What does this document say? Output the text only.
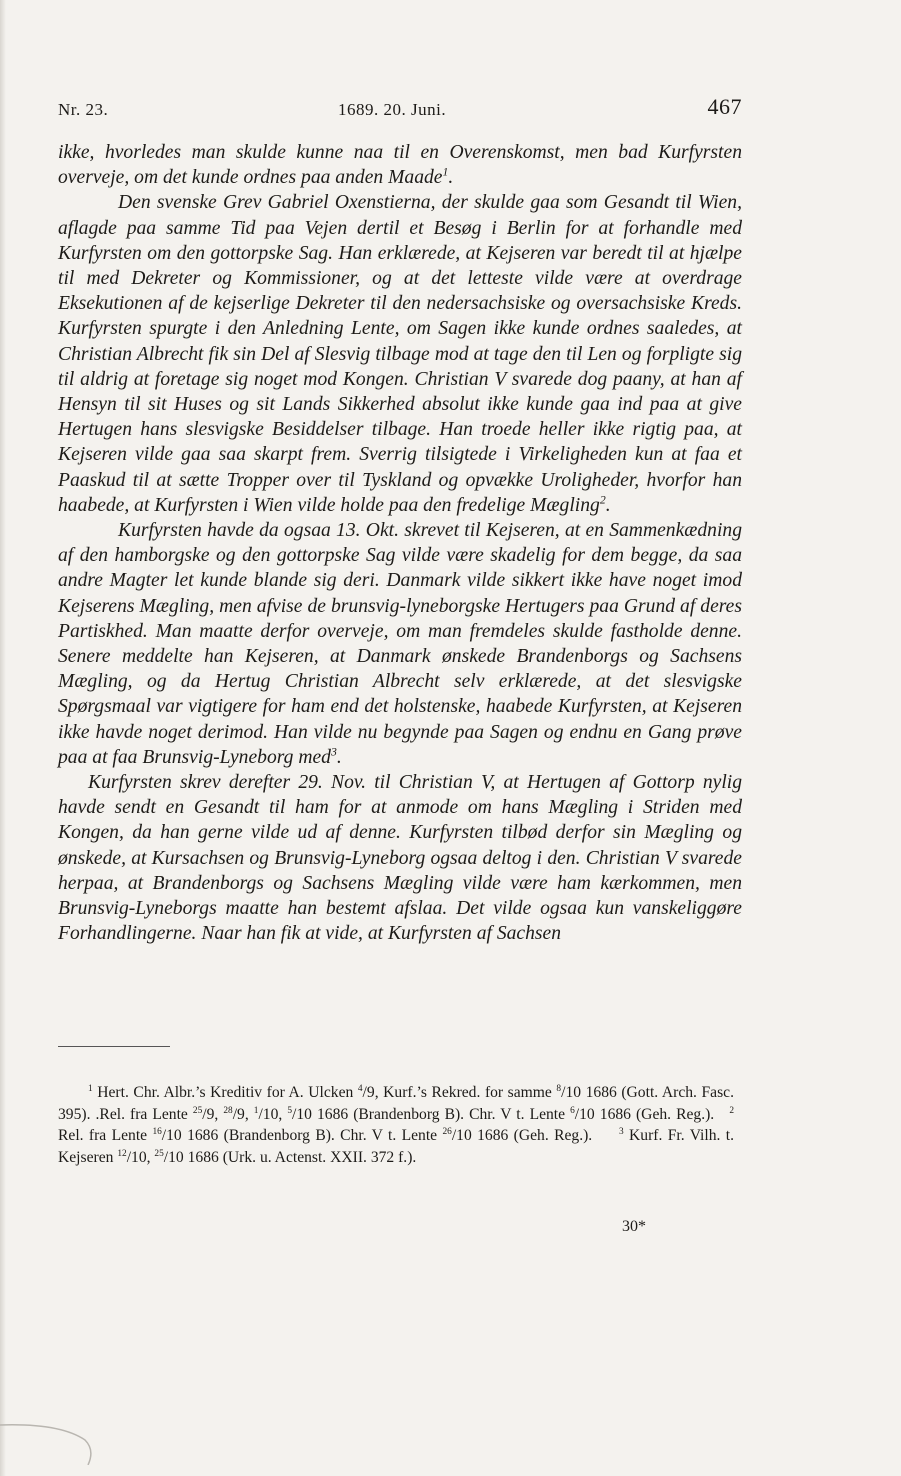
Nr. 23.	1689. 20. Juni.	467

ikke, hvorledes man skulde kunne naa til en Overenskomst, men bad Kurfyrsten overveje, om det kunde ordnes paa anden Maade$^1$.

Den svenske Grev Gabriel Oxenstierna, der skulde gaa som Gesandt til Wien, aflagde paa samme Tid paa Vejen dertil et Besøg i Berlin for at forhandle med Kurfyrsten om den gottorpske Sag. Han erklærede, at Kejseren var beredt til at hjælpe til med Dekreter og Kommissioner, og at det letteste vilde være at overdrage Eksekutionen af de kejserlige Dekreter til den nedersachsiske og oversachsiske Kreds. Kurfyrsten spurgte i den Anledning Lente, om Sagen ikke kunde ordnes saaledes, at Christian Albrecht fik sin Del af Slesvig tilbage mod at tage den til Len og forpligte sig til aldrig at foretage sig noget mod Kongen. Christian V svarede dog paany, at han af Hensyn til sit Huses og sit Lands Sikkerhed absolut ikke kunde gaa ind paa at give Hertugen hans slesvigske Besiddelser tilbage. Han troede heller ikke rigtig paa, at Kejseren vilde gaa saa skarpt frem. Sverrig tilsigtede i Virkeligheden kun at faa et Paaskud til at sætte Tropper over til Tyskland og opvække Uroligheder, hvorfor han haabede, at Kurfyrsten i Wien vilde holde paa den fredelige Mægling$^2$.

Kurfyrsten havde da ogsaa 13. Okt. skrevet til Kejseren, at en Sammenkædning af den hamborgske og den gottorpske Sag vilde være skadelig for dem begge, da saa andre Magter let kunde blande sig deri. Danmark vilde sikkert ikke have noget imod Kejserens Mægling, men afvise de brunsvig-lyneborgske Hertugers paa Grund af deres Partiskhed. Man maatte derfor overveje, om man fremdeles skulde fastholde denne. Senere meddelte han Kejseren, at Danmark ønskede Brandenborgs og Sachsens Mægling, og da Hertug Christian Albrecht selv erklærede, at det slesvigske Spørgsmaal var vigtigere for ham end det holstenske, haabede Kurfyrsten, at Kejseren ikke havde noget derimod. Han vilde nu begynde paa Sagen og endnu en Gang prøve paa at faa Brunsvig-Lyneborg med$^3$.

Kurfyrsten skrev derefter 29. Nov. til Christian V, at Hertugen af Gottorp nylig havde sendt en Gesandt til ham for at anmode om hans Mægling i Striden med Kongen, da han gerne vilde ud af denne. Kurfyrsten tilbød derfor sin Mægling og ønskede, at Kursachsen og Brunsvig-Lyneborg ogsaa deltog i den. Christian V svarede herpaa, at Brandenborgs og Sachsens Mægling vilde være ham kærkommen, men Brunsvig-Lyneborgs maatte han bestemt afslaa. Det vilde ogsaa kun vanskeliggøre Forhandlingerne. Naar han fik at vide, at Kurfyrsten af Sachsen

$^1$ Hert. Chr. Albr.’s Kreditiv for A. Ulcken $^4$/9, Kurf.’s Rekred. for samme $^8$/10 1686 (Gott. Arch. Fasc. 395). .Rel. fra Lente $^{25}$/9, $^{28}$/9, $^1$/10, $^5$/10 1686 (Brandenborg B). Chr. V t. Lente $^6$/10 1686 (Geh. Reg.). $^2$ Rel. fra Lente $^{16}$/10 1686 (Brandenborg B). Chr. V t. Lente $^{26}$/10 1686 (Geh. Reg.).	$^3$ Kurf. Fr. Vilh. t. Kejseren $^{12}$/10, $^{25}$/10 1686 (Urk. u. Actenst. XXII. 372 f.).

30*
